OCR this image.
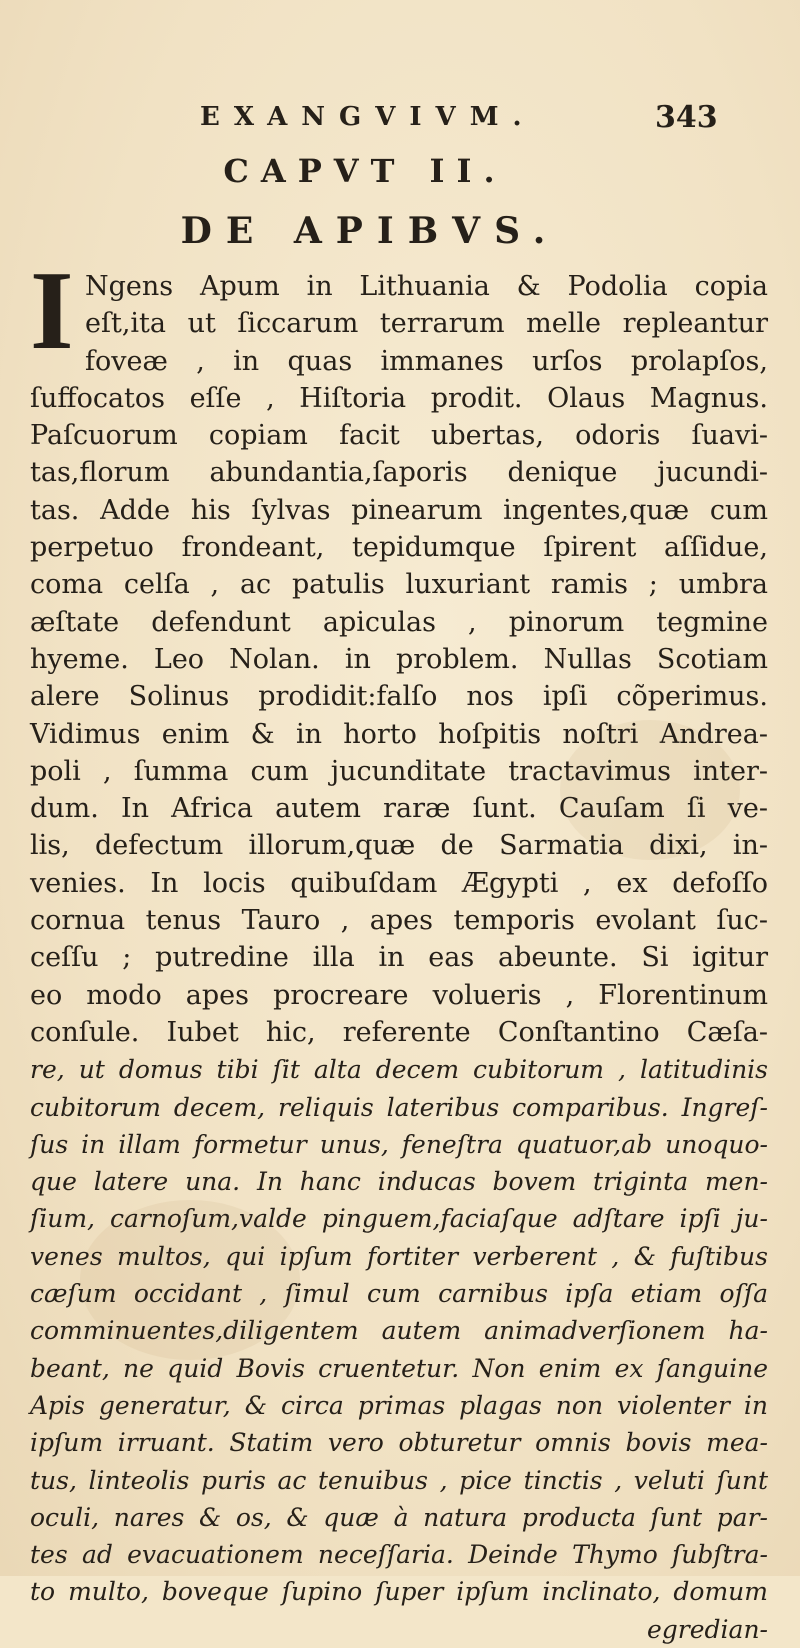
EXANGVIVM.	343
CAPVT II.
DE APIBVS.
I Ngens Apum in Lithuania & Podolia copia
eſt,ita ut ſiccarum terrarum melle repleantur
foveæ , in quas immanes urſos prolapſos,
ſuffocatos eſſe , Hiſtoria prodit. Olaus Magnus.
Paſcuorum copiam facit ubertas, odoris ſuavi-
tas,florum abundantia,ſaporis denique jucundi-
tas. Adde his ſylvas pinearum ingentes,quæ cum
perpetuo frondeant, tepidumque ſpirent aſſidue,
coma celſa , ac patulis luxuriant ramis ; umbra
æſtate defendunt apiculas , pinorum tegmine
hyeme. Leo Nolan. in problem. Nullas Scotiam
alere Solinus prodidit:falſo nos ipſi cõperimus.
Vidimus enim & in horto hoſpitis noſtri Andrea-
poli , ſumma cum jucunditate tractavimus inter-
dum. In Africa autem raræ ſunt. Cauſam ſi ve-
lis, defectum illorum,quæ de Sarmatia dixi, in-
venies. In locis quibuſdam Ægypti , ex defoſſo
cornua tenus Tauro , apes temporis evolant ſuc-
ceſſu ; putredine illa in eas abeunte. Si igitur
eo modo apes procreare volueris , Florentinum
conſule. Iubet hic, referente Conſtantino Cæſa-
re, ut domus tibi ſit alta decem cubitorum , latitudinis
cubitorum decem, reliquis lateribus comparibus. Ingreſ-
ſus in illam formetur unus, feneſtra quatuor,ab unoquo-
que latere una. In hanc inducas bovem triginta men-
ſium, carnoſum,valde pinguem,faciaſque adſtare ipſi ju-
venes multos, qui ipſum fortiter verberent , & fuſtibus
cæſum occidant , ſimul cum carnibus ipſa etiam oſſa
comminuentes,diligentem autem animadverſionem ha-
beant, ne quid Bovis cruentetur. Non enim ex ſanguine
Apis generatur, & circa primas plagas non violenter in
ipſum irruant. Statim vero obturetur omnis bovis mea-
tus, linteolis puris ac tenuibus , pice tinctis , veluti ſunt
oculi, nares & os, & quæ à natura producta ſunt par-
tes ad evacuationem neceſſaria. Deinde Thymo ſubſtra-
to multo, boveque ſupino ſuper ipſum inclinato, domum
egredian-
